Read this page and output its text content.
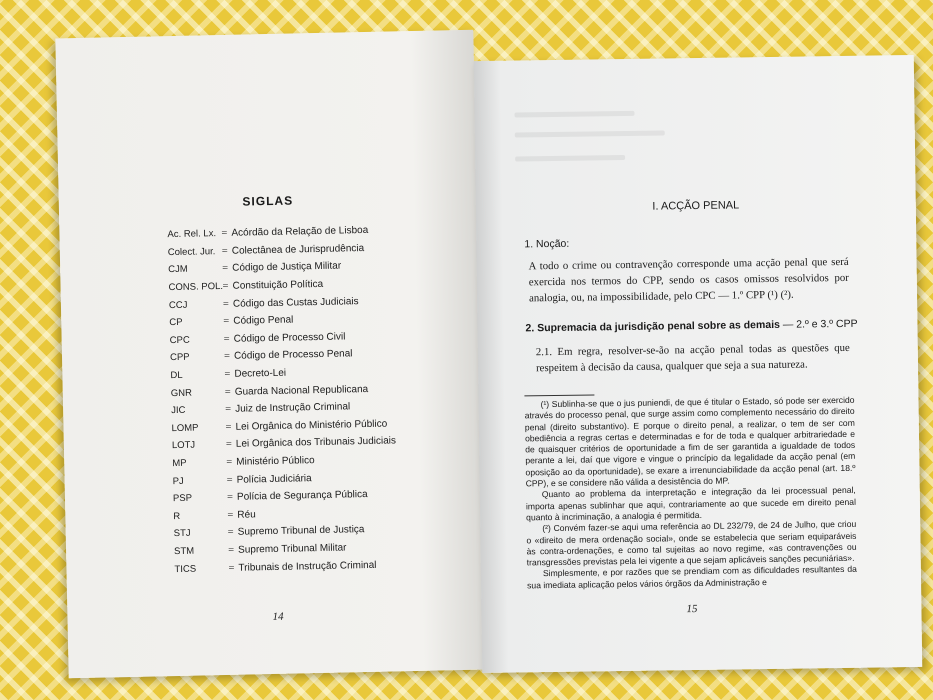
SIGLAS
Ac. Rel. Lx. = Acórdão da Relação de Lisboa
Colect. Jur. = Colectânea de Jurisprudência
CJM	= Código de Justiça Militar
CONS. POL. = Constituição Política
CCJ	= Código das Custas Judiciais
CP	= Código Penal
CPC	= Código de Processo Civil
CPP	= Código de Processo Penal
DL	= Decreto-Lei
GNR	= Guarda Nacional Republicana
JIC	= Juiz de Instrução Criminal
LOMP	= Lei Orgânica do Ministério Público
LOTJ	= Lei Orgânica dos Tribunais Judiciais
MP	= Ministério Público
PJ	= Polícia Judiciária
PSP	= Polícia de Segurança Pública
R	= Réu
STJ	= Supremo Tribunal de Justiça
STM	= Supremo Tribunal Militar
TICS	= Tribunais de Instrução Criminal
14
I. ACÇÃO PENAL
1. Noção:
A todo o crime ou contravenção corresponde uma acção penal que será exercida nos termos do CPP, sendo os casos omissos resolvidos por analogia, ou, na impossibilidade, pelo CPC — 1.º CPP (¹) (²).
2. Supremacia da jurisdição penal sobre as demais — 2.º e 3.º CPP
2.1. Em regra, resolver-se-ão na acção penal todas as questões que respeitem à decisão da causa, qualquer que seja a sua natureza.

(¹) Sublinha-se que o jus puniendi, de que é titular o Estado, só pode ser exercido através do processo penal, que surge assim como complemento necessário do direito penal (direito substantivo). E porque o direito penal, a realizar, o tem de ser com obediência a regras certas e determinadas e for de toda e qualquer arbitrariedade e de quaisquer critérios de oportunidade a fim de ser garantida a igualdade de todos perante a lei, daí que vigore e vingue o princípio da legalidade da acção penal (em oposição ao da oportunidade), se exare a irrenunciabilidade da acção penal (art. 18.º CPP), e se considere não válida a desistência do MP.

Quanto ao problema da interpretação e integração da lei processual penal, importa apenas sublinhar que aqui, contrariamente ao que sucede em direito penal quanto à incriminação, a analogia é permitida.

(²) Convém fazer-se aqui uma referência ao DL 232/79, de 24 de Julho, que criou o «direito de mera ordenação social», onde se estabelecia que seriam equiparáveis às contra-ordenações, e como tal sujeitas ao novo regime, «as contravenções ou transgressões previstas pela lei vigente a que sejam aplicáveis sanções pecuniárias».

Simplesmente, e por razões que se prendiam com as dificuldades resultantes da sua imediata aplicação pelos vários órgãos da Administração e

15
